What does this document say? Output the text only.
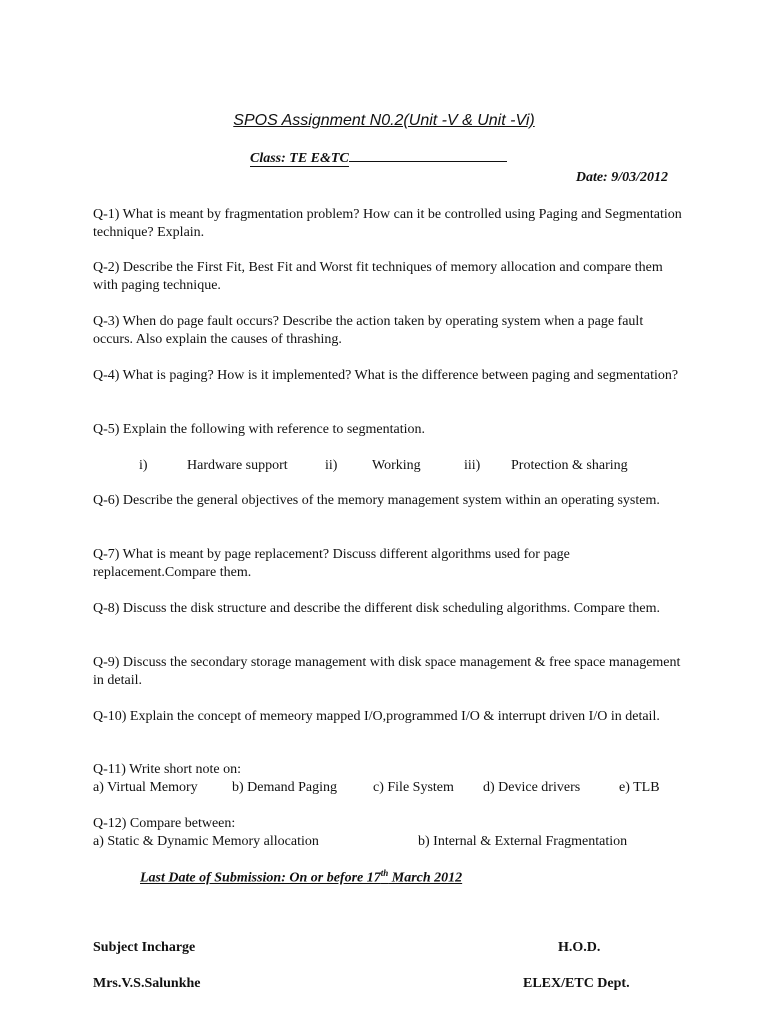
SPOS Assignment N0.2(Unit -V & Unit -Vi)
Class: TE E&TC
Date: 9/03/2012
Q-1) What is meant by fragmentation problem? How can it be controlled using Paging and Segmentation technique? Explain.
Q-2) Describe the First Fit, Best Fit and Worst fit techniques of memory allocation and compare them with paging technique.
Q-3) When do page fault occurs? Describe the action taken by operating system when a page fault occurs. Also explain the causes of thrashing.
Q-4) What is paging? How is it implemented? What is the difference between paging and segmentation?
Q-5) Explain the following with reference to segmentation.
i)	Hardware support	ii) Working	iii) Protection & sharing
Q-6) Describe the general objectives of the memory management system within an operating system.
Q-7) What is meant by page replacement? Discuss different algorithms used for page replacement.Compare them.
Q-8) Discuss the disk structure and describe the different disk scheduling algorithms. Compare them.
Q-9) Discuss the secondary storage management with disk space management & free space management in detail.
Q-10) Explain the concept of memeory mapped I/O,programmed I/O & interrupt driven I/O in detail.
Q-11) Write short note on:
a) Virtual Memory b) Demand Paging	c) File System d) Device drivers	e) TLB
Q-12) Compare between:
a) Static & Dynamic Memory allocation	b) Internal & External Fragmentation
Last Date of Submission: On or before 17th March 2012
Subject Incharge	H.O.D.
Mrs.V.S.Salunkhe	ELEX/ETC Dept.
